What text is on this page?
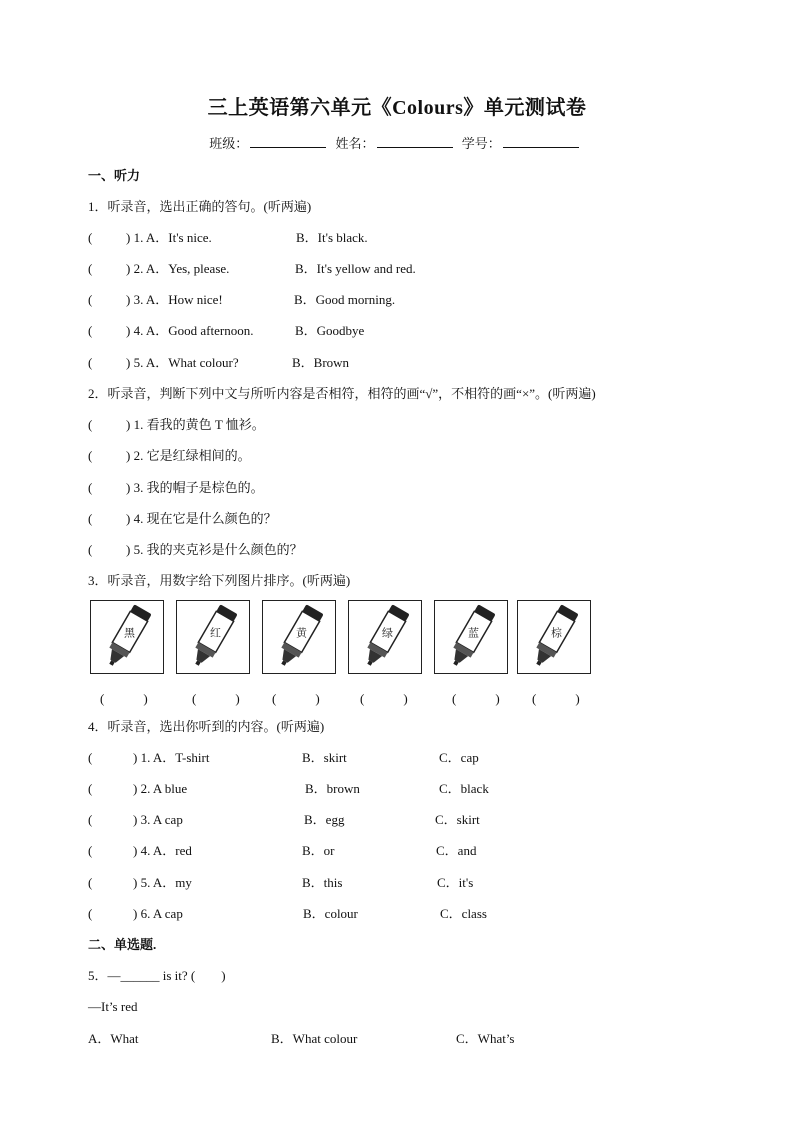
三上英语第六单元《Colours》单元测试卷
班级：	姓名：	学号：
一、听力
1．听录音，选出正确的答句。(听两遍)
(	) 1. A．It's nice.	B．It's black.
(	) 2. A．Yes, please.	B．It's yellow and red.
(	) 3. A．How nice!	B．Good morning.
(	) 4. A．Good afternoon.	B．Goodbye
(	) 5. A．What colour?	B．Brown
2．听录音，判断下列中文与所听内容是否相符，相符的画“√”，不相符的画“×”。(听两遍)
(	) 1. 看我的黄色 T 恤衫。
(	) 2. 它是红绿相间的。
(	) 3. 我的帽子是棕色的。
(	) 4. 现在它是什么颜色的？
(	) 5. 我的夹克衫是什么颜色的？
3．听录音，用数字给下列图片排序。(听两遍)
黑	红	黄	绿	蓝	棕
(　　　)	(　　　) (　　　)	(　　　)	(　　　) (　　　)
4．听录音，选出你听到的内容。(听两遍)
(	) 1. A．T-shirt	B．skirt	C．cap
(	) 2. A blue	B．brown	C．black
(	) 3. A cap	B．egg	C．skirt
(	) 4. A．red	B．or	C．and
(	) 5. A．my	B．this	C．it's
(	) 6. A cap	B．colour	C．class
二、单选题.
5．—______ is it? (　　)
—It’s red
A．What	B．What colour	C．What’s
